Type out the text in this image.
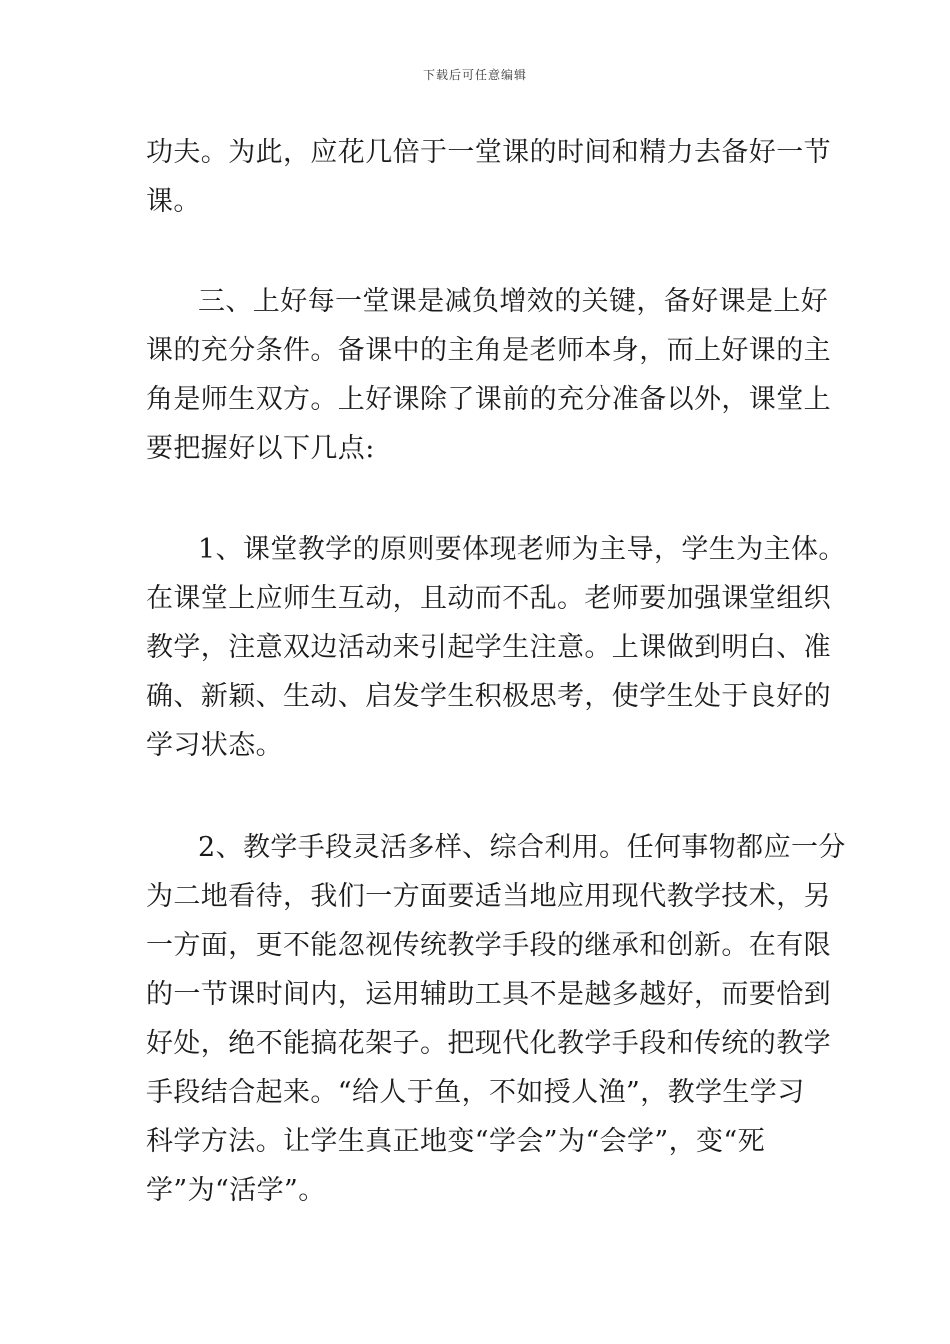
下载后可任意编辑
功夫。为此，应花几倍于一堂课的时间和精力去备好一节
课。
三、上好每一堂课是减负增效的关键，备好课是上好
课的充分条件。备课中的主角是老师本身，而上好课的主
角是师生双方。上好课除了课前的充分准备以外，课堂上
要把握好以下几点:
1、课堂教学的原则要体现老师为主导，学生为主体。
在课堂上应师生互动，且动而不乱。老师要加强课堂组织
教学，注意双边活动来引起学生注意。上课做到明白、准
确、新颖、生动、启发学生积极思考，使学生处于良好的
学习状态。
2、教学手段灵活多样、综合利用。任何事物都应一分
为二地看待，我们一方面要适当地应用现代教学技术，另
一方面，更不能忽视传统教学手段的继承和创新。在有限
的一节课时间内，运用辅助工具不是越多越好，而要恰到
好处，绝不能搞花架子。把现代化教学手段和传统的教学
手段结合起来。“给人于鱼，不如授人渔”，教学生学习
科学方法。让学生真正地变“学会”为“会学”，变“死
学”为“活学”。
